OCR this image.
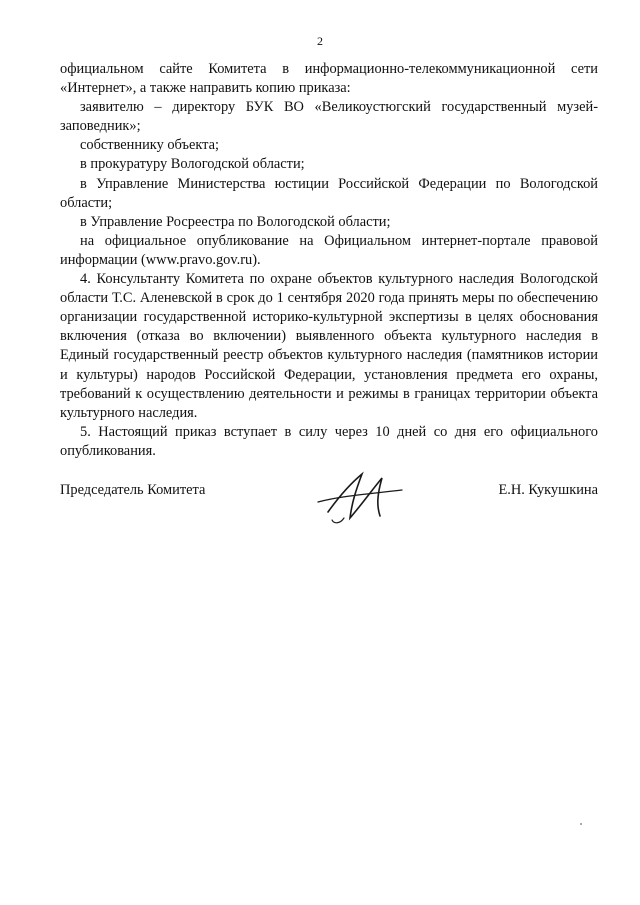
2

официальном сайте Комитета в информационно-телекоммуникационной сети «Интернет», а также направить копию приказа:

заявителю – директору БУК ВО «Великоустюгский государственный музей-заповедник»;

собственнику объекта;

в прокуратуру Вологодской области;

в Управление Министерства юстиции Российской Федерации по Вологодской области;

в Управление Росреестра по Вологодской области;

на официальное опубликование на Официальном интернет-портале правовой информации (www.pravo.gov.ru).

4. Консультанту Комитета по охране объектов культурного наследия Вологодской области Т.С. Аленевской в срок до 1 сентября 2020 года принять меры по обеспечению организации государственной историко-культурной экспертизы в целях обоснования включения (отказа во включении) выявленного объекта культурного наследия в Единый государственный реестр объектов культурного наследия (памятников истории и культуры) народов Российской Федерации, установления предмета его охраны, требований к осуществлению деятельности и режимы в границах территории объекта культурного наследия.

5. Настоящий приказ вступает в силу через 10 дней со дня его официального опубликования.

Председатель Комитета	Е.Н. Кукушкина
